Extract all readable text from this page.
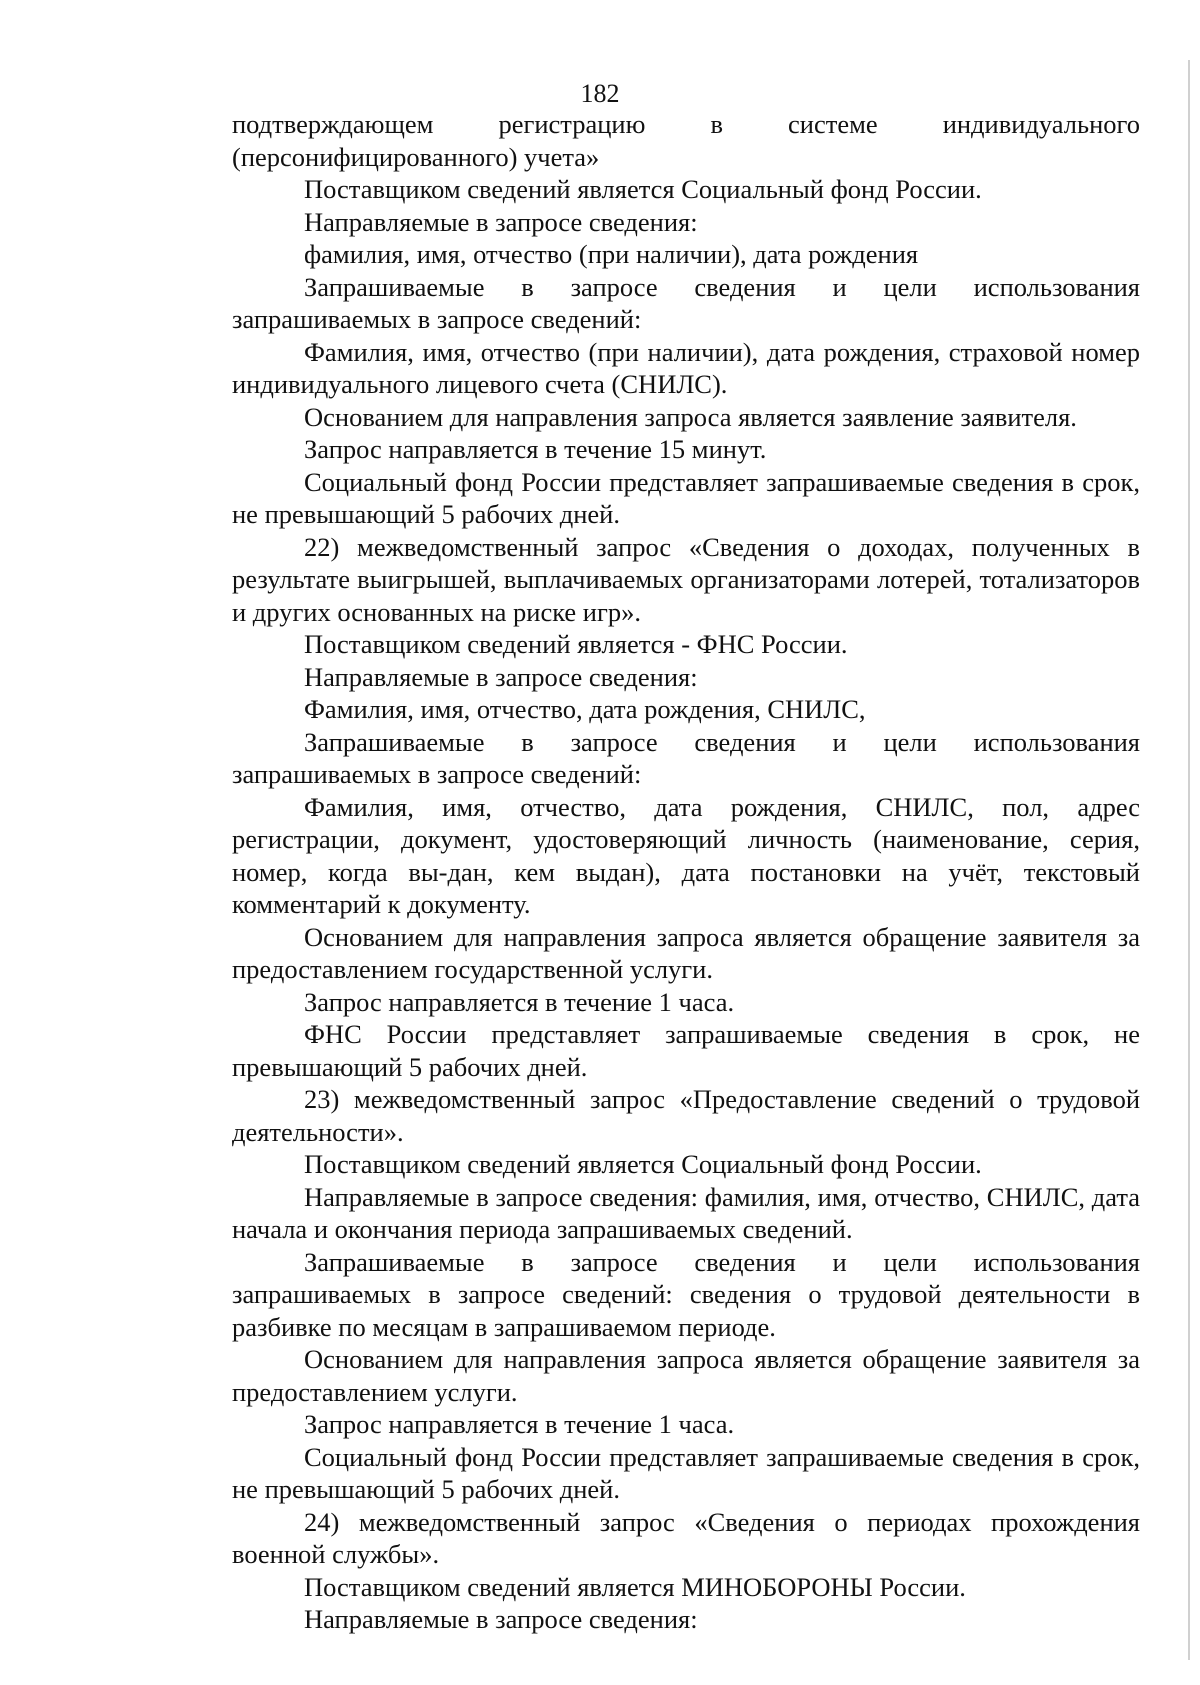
182

подтверждающем регистрацию в системе индивидуального (персонифицированного) учета»

Поставщиком сведений является Социальный фонд России.

Направляемые в запросе сведения:

фамилия, имя, отчество (при наличии), дата рождения

Запрашиваемые в запросе сведения и цели использования запрашиваемых в запросе сведений:

Фамилия, имя, отчество (при наличии), дата рождения, страховой номер индивидуального лицевого счета (СНИЛС).

Основанием для направления запроса является заявление заявителя.

Запрос направляется в течение 15 минут.

Социальный фонд России представляет запрашиваемые сведения в срок, не превышающий 5 рабочих дней.

22) межведомственный запрос «Сведения о доходах, полученных в результате выигрышей, выплачиваемых организаторами лотерей, тотализаторов и других основанных на риске игр».

Поставщиком сведений является - ФНС России.

Направляемые в запросе сведения:

Фамилия, имя, отчество, дата рождения, СНИЛС,

Запрашиваемые в запросе сведения и цели использования запрашиваемых в запросе сведений:

Фамилия, имя, отчество, дата рождения, СНИЛС, пол, адрес регистрации, документ, удостоверяющий личность (наименование, серия, номер, когда вы-дан, кем выдан), дата постановки на учёт, текстовый комментарий к документу.

Основанием для направления запроса является обращение заявителя за предоставлением государственной услуги.

Запрос направляется в течение 1 часа.

ФНС России представляет запрашиваемые сведения в срок, не превышающий 5 рабочих дней.

23) межведомственный запрос «Предоставление сведений о трудовой деятельности».

Поставщиком сведений является Социальный фонд России.

Направляемые в запросе сведения: фамилия, имя, отчество, СНИЛС, дата начала и окончания периода запрашиваемых сведений.

Запрашиваемые в запросе сведения и цели использования запрашиваемых в запросе сведений: сведения о трудовой деятельности в разбивке по месяцам в запрашиваемом периоде.

Основанием для направления запроса является обращение заявителя за предоставлением услуги.

Запрос направляется в течение 1 часа.

Социальный фонд России представляет запрашиваемые сведения в срок, не превышающий 5 рабочих дней.

24) межведомственный запрос «Сведения о периодах прохождения военной службы».

Поставщиком сведений является МИНОБОРОНЫ России.

Направляемые в запросе сведения:
